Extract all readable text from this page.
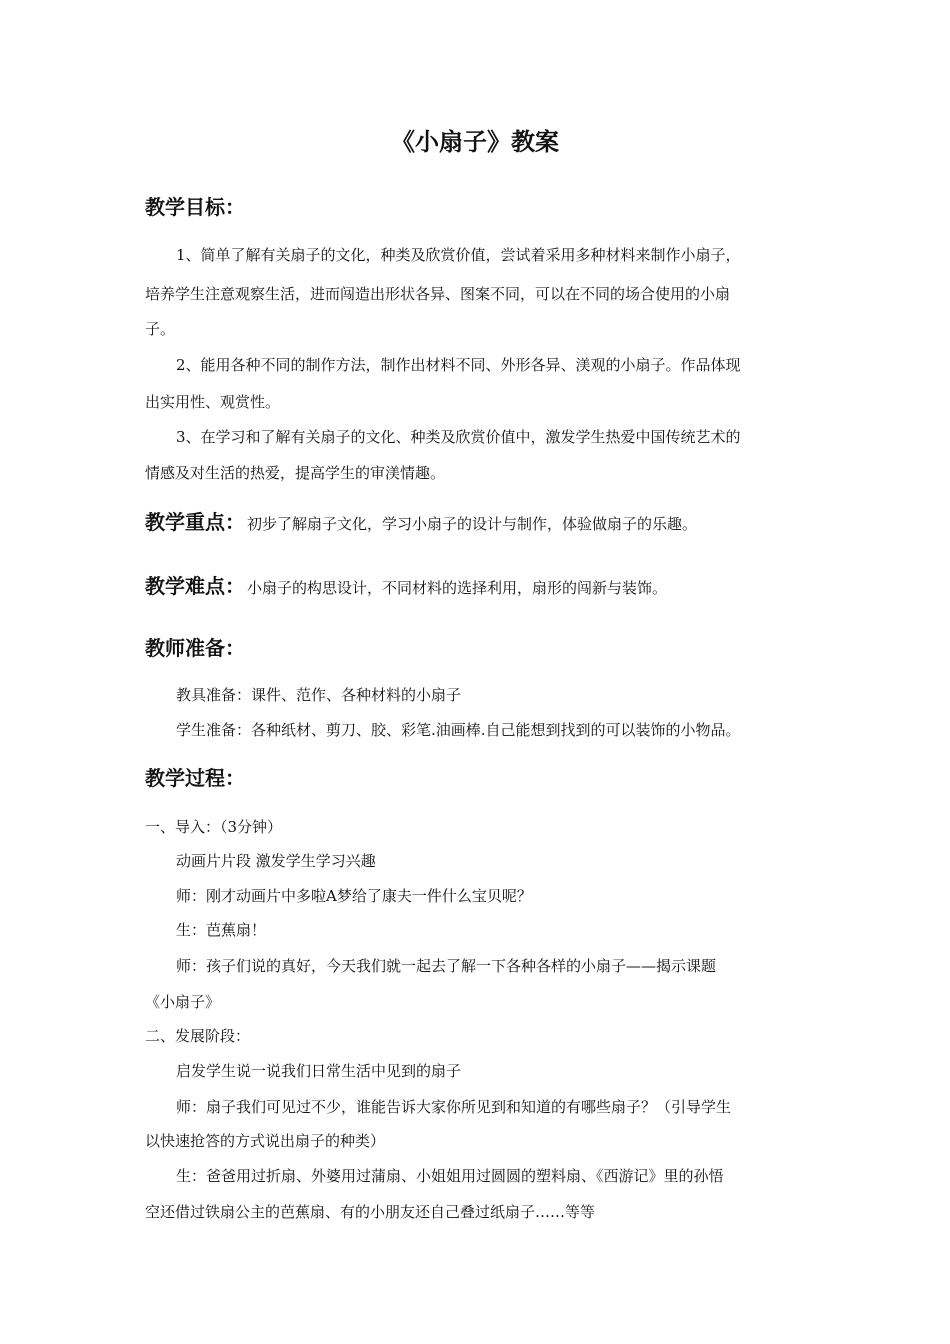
《小扇子》教案
教学目标：
1、简单了解有关扇子的文化，种类及欣赏价值，尝试着采用多种材料来制作小扇子，
培养学生注意观察生活，进而闯造出形状各异、图案不同，可以在不同的场合使用的小扇
子。
2、能用各种不同的制作方法，制作出材料不同、外形各异、渼观的小扇子。作品体现
出实用性、观赏性。
3、在学习和了解有关扇子的文化、种类及欣赏价值中，激发学生热爱中国传统艺术的
情感及对生活的热爱，提高学生的审渼情趣。
教学重点： 初步了解扇子文化，学习小扇子的设计与制作，体验做扇子的乐趣。
教学难点： 小扇子的构思设计，不同材料的选择利用，扇形的闯新与装饰。
教师准备：
教具准备：课件、范作、各种材料的小扇子
学生准备：各种纸材、剪刀、胶、彩笔.油画棒.自己能想到找到的可以装饰的小物品。
教学过程：
一、导入：（3分钟）
动画片片段 激发学生学习兴趣
师：刚才动画片中多啦A梦给了康夫一件什么宝贝呢？
生：芭蕉扇！
师：孩子们说的真好，今天我们就一起去了解一下各种各样的小扇子——揭示课题
《小扇子》
二、发展阶段：
启发学生说一说我们日常生活中见到的扇子
师：扇子我们可见过不少，谁能告诉大家你所见到和知道的有哪些扇子？（引导学生
以快速抢答的方式说出扇子的种类）
生：爸爸用过折扇、外婆用过蒲扇、小姐姐用过圆圆的塑料扇、《西游记》里的孙悟
空还借过铁扇公主的芭蕉扇、有的小朋友还自己叠过纸扇子……等等
